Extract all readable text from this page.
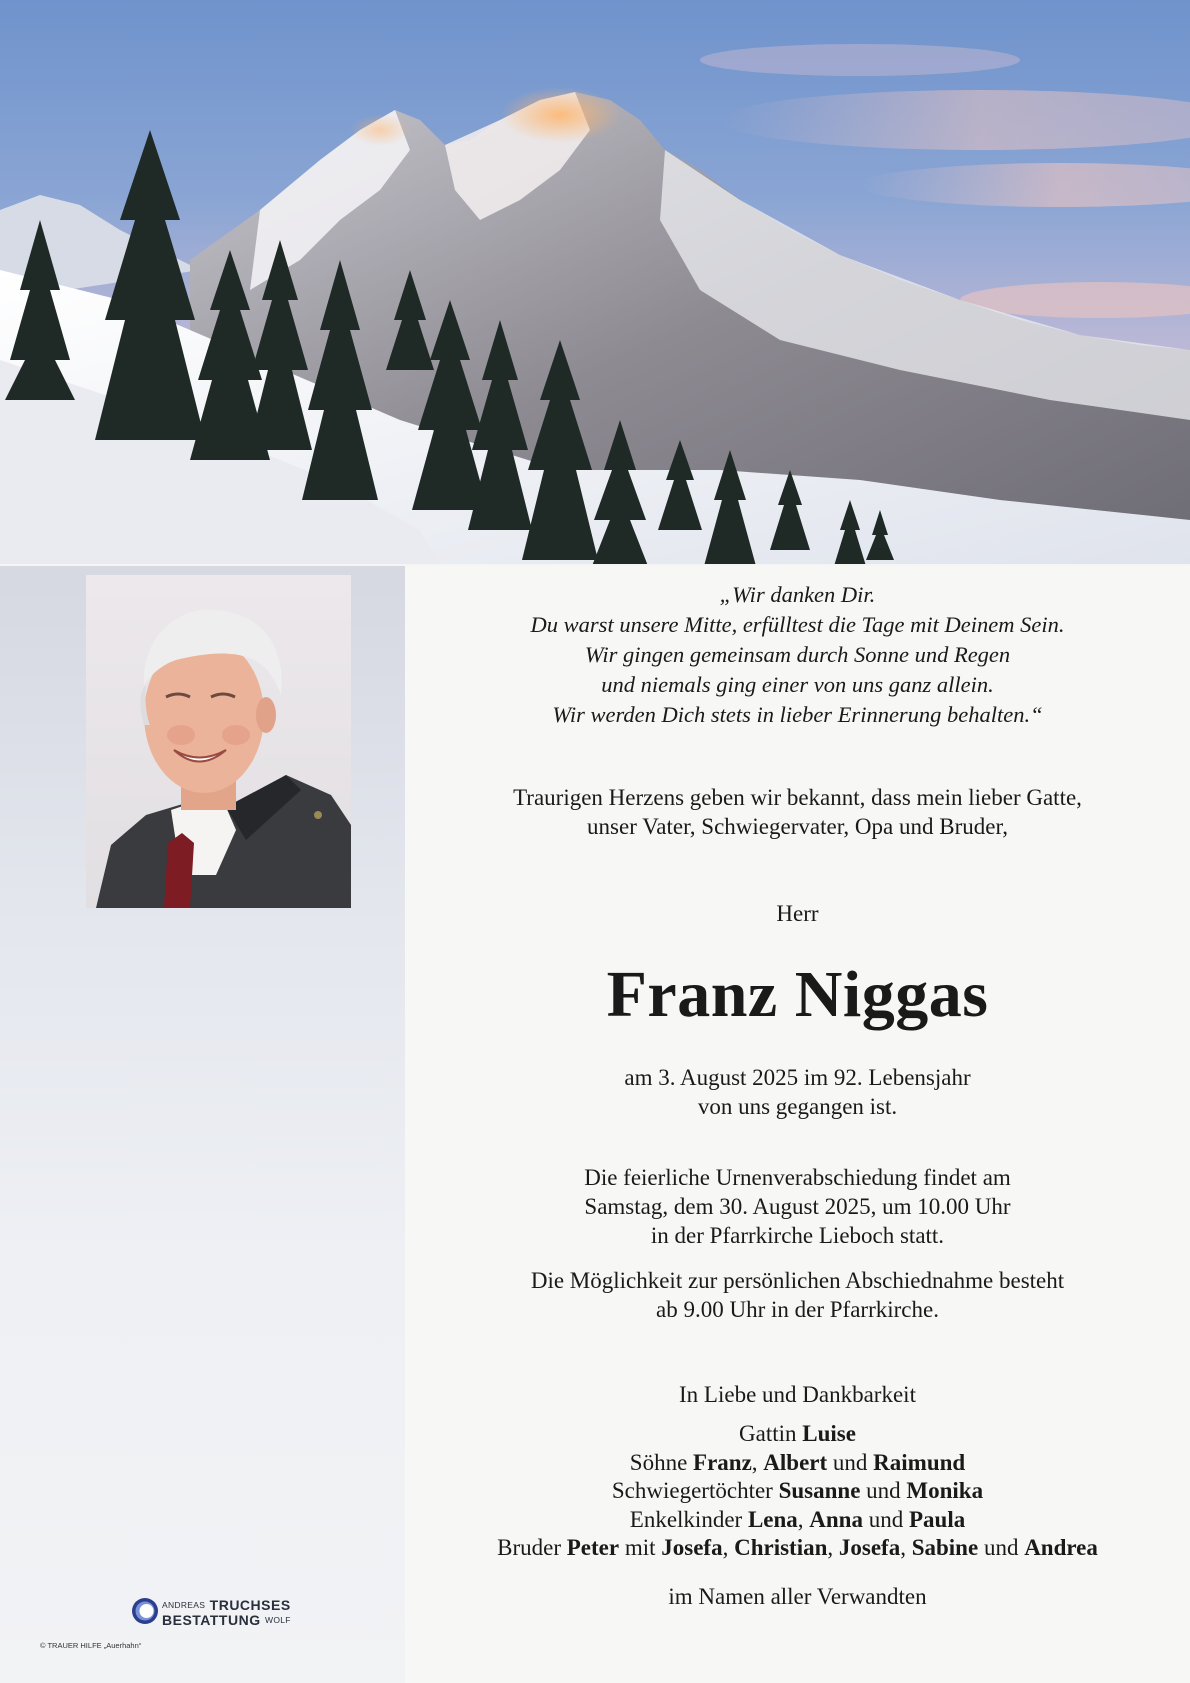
„Wir danken Dir.
Du warst unsere Mitte, erfülltest die Tage mit Deinem Sein.
Wir gingen gemeinsam durch Sonne und Regen
und niemals ging einer von uns ganz allein.
Wir werden Dich stets in lieber Erinnerung behalten.“
Traurigen Herzens geben wir bekannt, dass mein lieber Gatte,
unser Vater, Schwiegervater, Opa und Bruder,
Herr
Franz Niggas
am 3. August 2025 im 92. Lebensjahr
von uns gegangen ist.
Die feierliche Urnenverabschiedung findet am
Samstag, dem 30. August 2025, um 10.00 Uhr
in der Pfarrkirche Lieboch statt.
Die Möglichkeit zur persönlichen Abschiednahme besteht
ab 9.00 Uhr in der Pfarrkirche.
In Liebe und Dankbarkeit
Gattin Luise
Söhne Franz, Albert und Raimund
Schwiegertöchter Susanne und Monika
Enkelkinder Lena, Anna und Paula
Bruder Peter mit Josefa, Christian, Josefa, Sabine und Andrea
im Namen aller Verwandten
ANDREAS TRUCHSES
BESTATTUNG WOLF
© TRAUER HILFE „Auerhahn“
